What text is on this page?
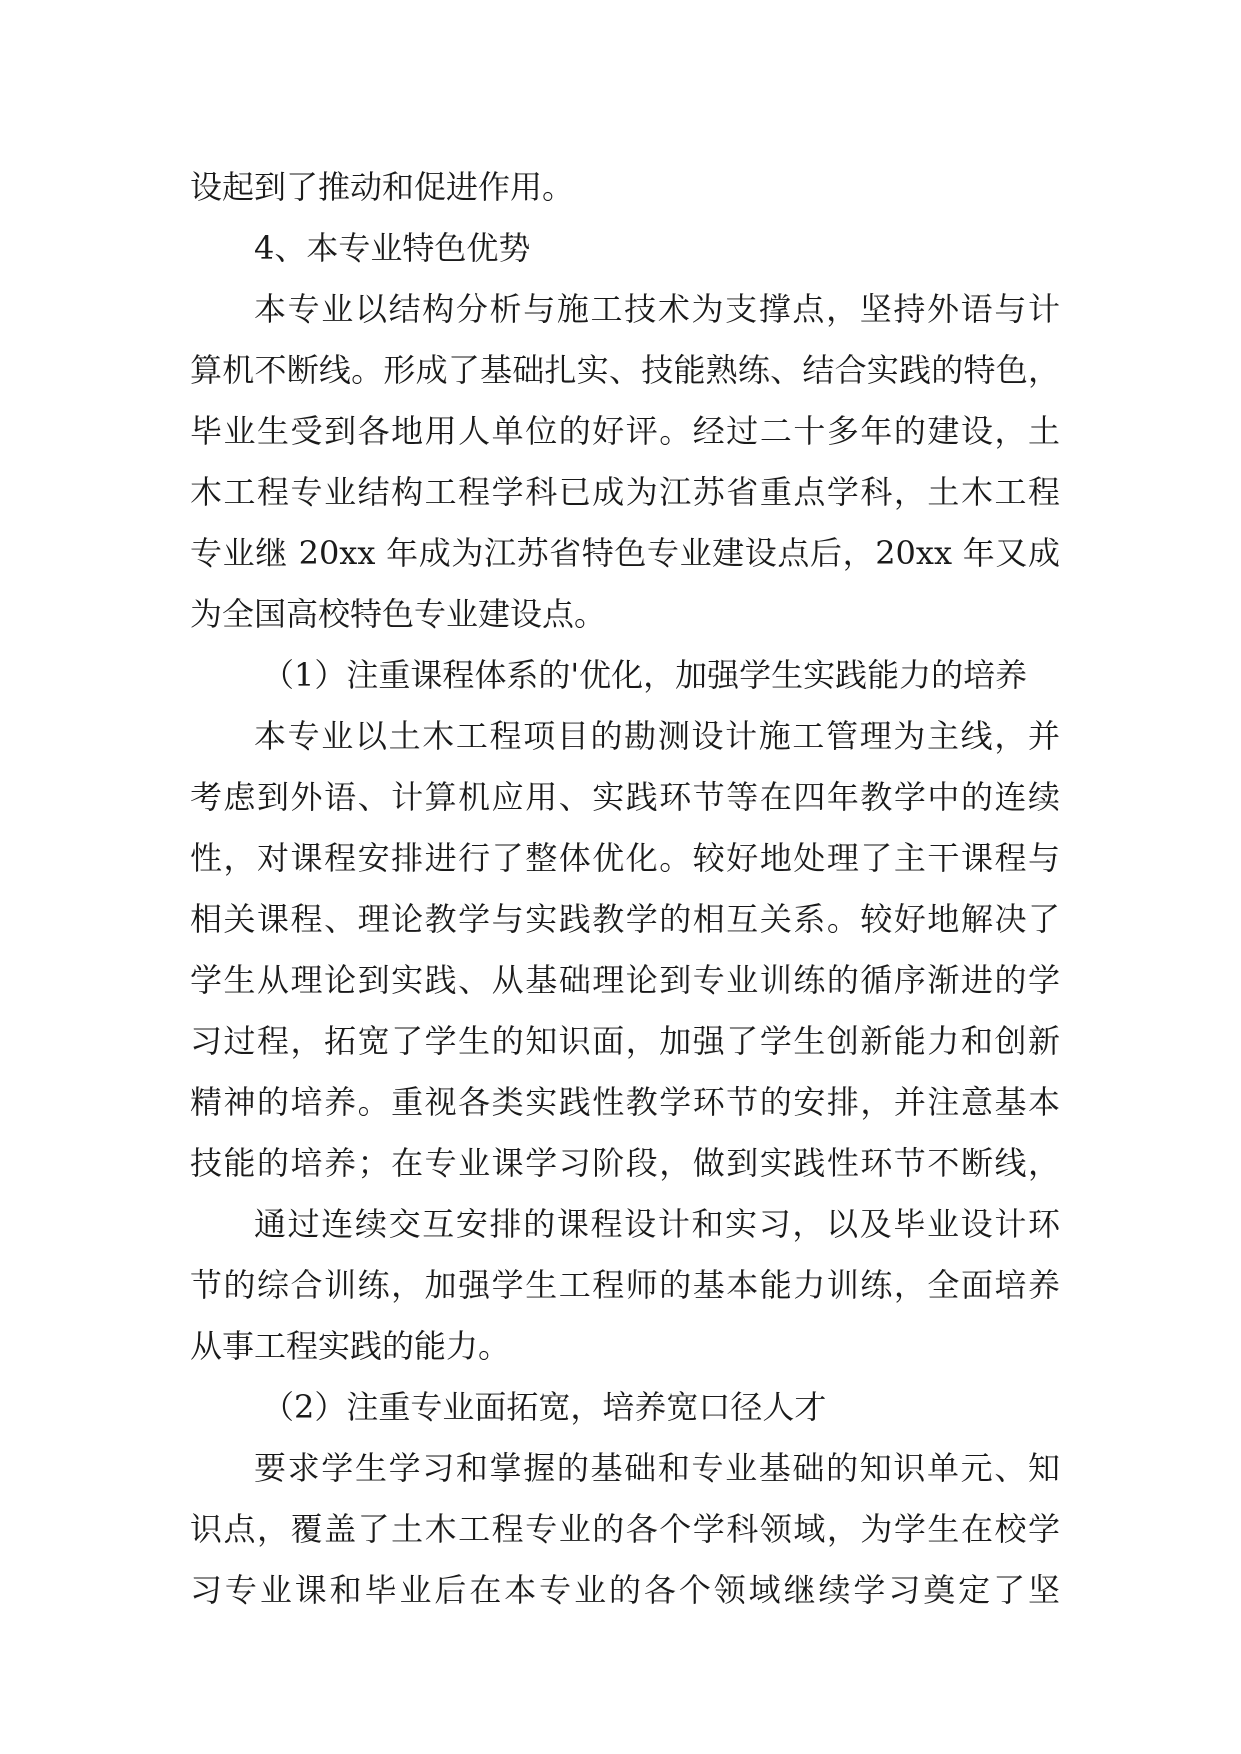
设起到了推动和促进作用。
4、本专业特色优势
本专业以结构分析与施工技术为支撑点，坚持外语与计
算机不断线。形成了基础扎实、技能熟练、结合实践的特色，
毕业生受到各地用人单位的好评。经过二十多年的建设，土
木工程专业结构工程学科已成为江苏省重点学科，土木工程
专业继 20xx 年成为江苏省特色专业建设点后，20xx 年又成
为全国高校特色专业建设点。
（1）注重课程体系的'优化，加强学生实践能力的培养
本专业以土木工程项目的勘测设计施工管理为主线，并
考虑到外语、计算机应用、实践环节等在四年教学中的连续
性，对课程安排进行了整体优化。较好地处理了主干课程与
相关课程、理论教学与实践教学的相互关系。较好地解决了
学生从理论到实践、从基础理论到专业训练的循序渐进的学
习过程，拓宽了学生的知识面，加强了学生创新能力和创新
精神的培养。重视各类实践性教学环节的安排，并注意基本
技能的培养；在专业课学习阶段，做到实践性环节不断线，
通过连续交互安排的课程设计和实习，以及毕业设计环
节的综合训练，加强学生工程师的基本能力训练，全面培养
从事工程实践的能力。
（2）注重专业面拓宽，培养宽口径人才
要求学生学习和掌握的基础和专业基础的知识单元、知
识点，覆盖了土木工程专业的各个学科领域，为学生在校学
习专业课和毕业后在本专业的各个领域继续学习奠定了坚
